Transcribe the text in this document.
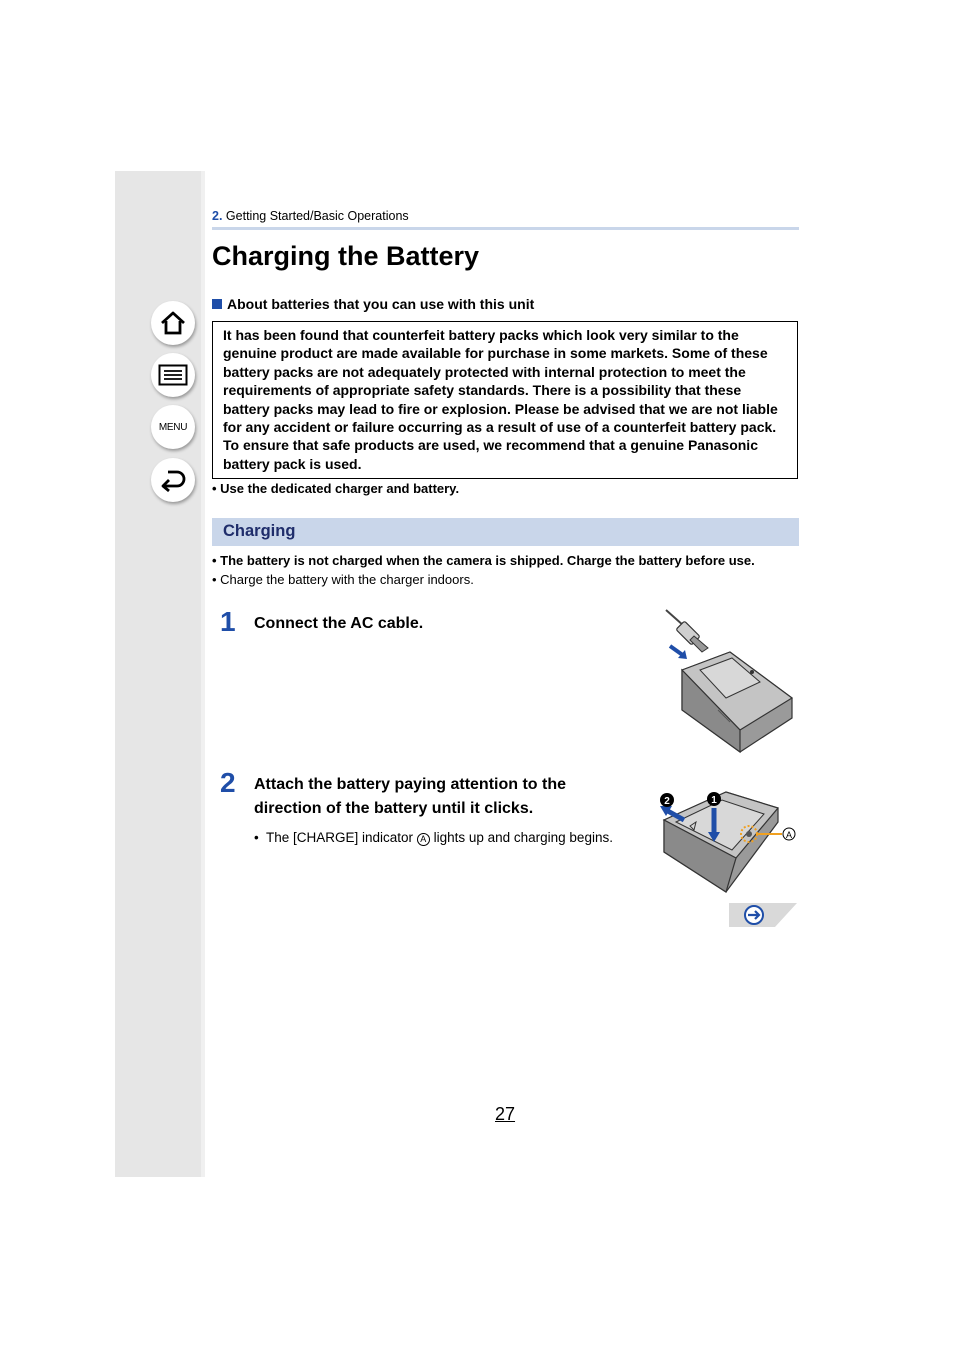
MENU
2. Getting Started/Basic Operations
Charging the Battery
About batteries that you can use with this unit
It has been found that counterfeit battery packs which look very similar to the genuine product are made available for purchase in some markets. Some of these battery packs are not adequately protected with internal protection to meet the requirements of appropriate safety standards. There is a possibility that these battery packs may lead to fire or explosion. Please be advised that we are not liable for any accident or failure occurring as a result of use of a counterfeit battery pack. To ensure that safe products are used, we recommend that a genuine Panasonic battery pack is used.
• Use the dedicated charger and battery.
Charging
• The battery is not charged when the camera is shipped. Charge the battery before use.
• Charge the battery with the charger indoors.
1 Connect the AC cable.
2 Attach the battery paying attention to the
direction of the battery until it clicks.
•  The [CHARGE] indicator A lights up and charging begins.
1
2
A
27
